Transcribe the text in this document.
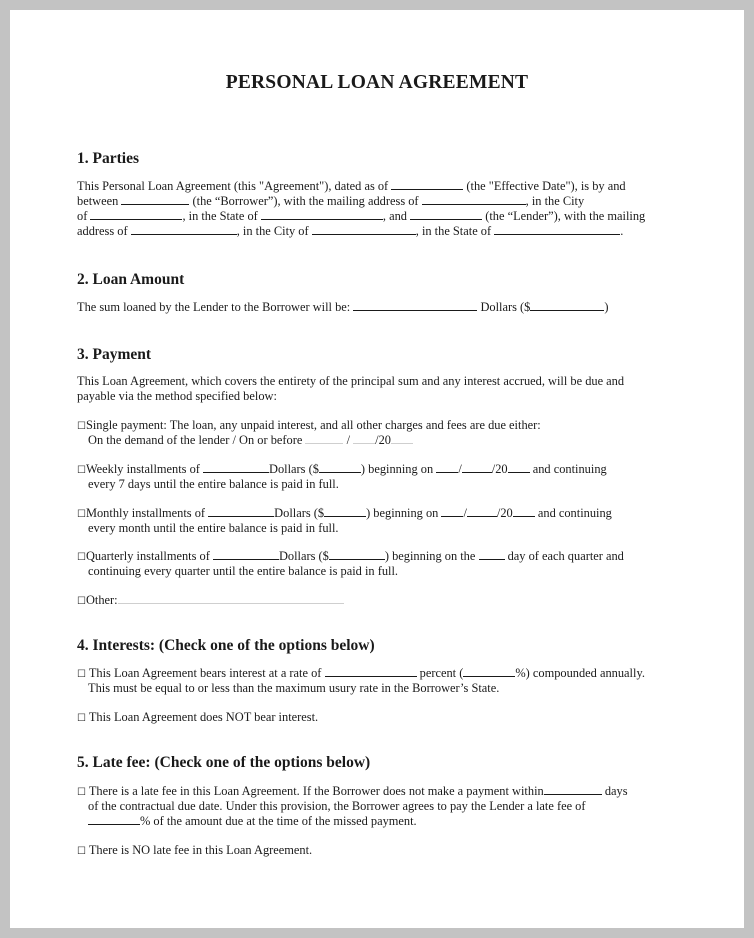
PERSONAL LOAN AGREEMENT
1. Parties
This Personal Loan Agreement (this "Agreement"), dated as of	(the "Effective Date"), is by and
between	(the “Borrower”), with the mailing address of	, in the City
of	, in the State of	, and	(the “Lender”), with the mailing
address of	, in the City of	, in the State of	.
2. Loan Amount
The sum loaned by the Lender to the Borrower will be:	Dollars ($	)
3. Payment
This Loan Agreement, which covers the entirety of the principal sum and any interest accrued, will be due and
payable via the method specified below:
☐Single payment: The loan, any unpaid interest, and all other charges and fees are due either:
On the demand of the lender / On or before	/ /20
☐Weekly installments of	Dollars ($	) beginning on / /20 and continuing
every 7 days until the entire balance is paid in full.
☐Monthly installments of	Dollars ($	) beginning on / /20 and continuing
every month until the entire balance is paid in full.
☐Quarterly installments of	Dollars ($	) beginning on the	day of each quarter and
continuing every quarter until the entire balance is paid in full.
☐Other:
4. Interests: (Check one of the options below)
☐ This Loan Agreement bears interest at a rate of	percent (	%) compounded annually.
This must be equal to or less than the maximum usury rate in the Borrower’s State.
☐ This Loan Agreement does NOT bear interest.
5. Late fee: (Check one of the options below)
☐ There is a late fee in this Loan Agreement. If the Borrower does not make a payment within	days
of the contractual due date. Under this provision, the Borrower agrees to pay the Lender a late fee of
% of the amount due at the time of the missed payment.
☐ There is NO late fee in this Loan Agreement.
